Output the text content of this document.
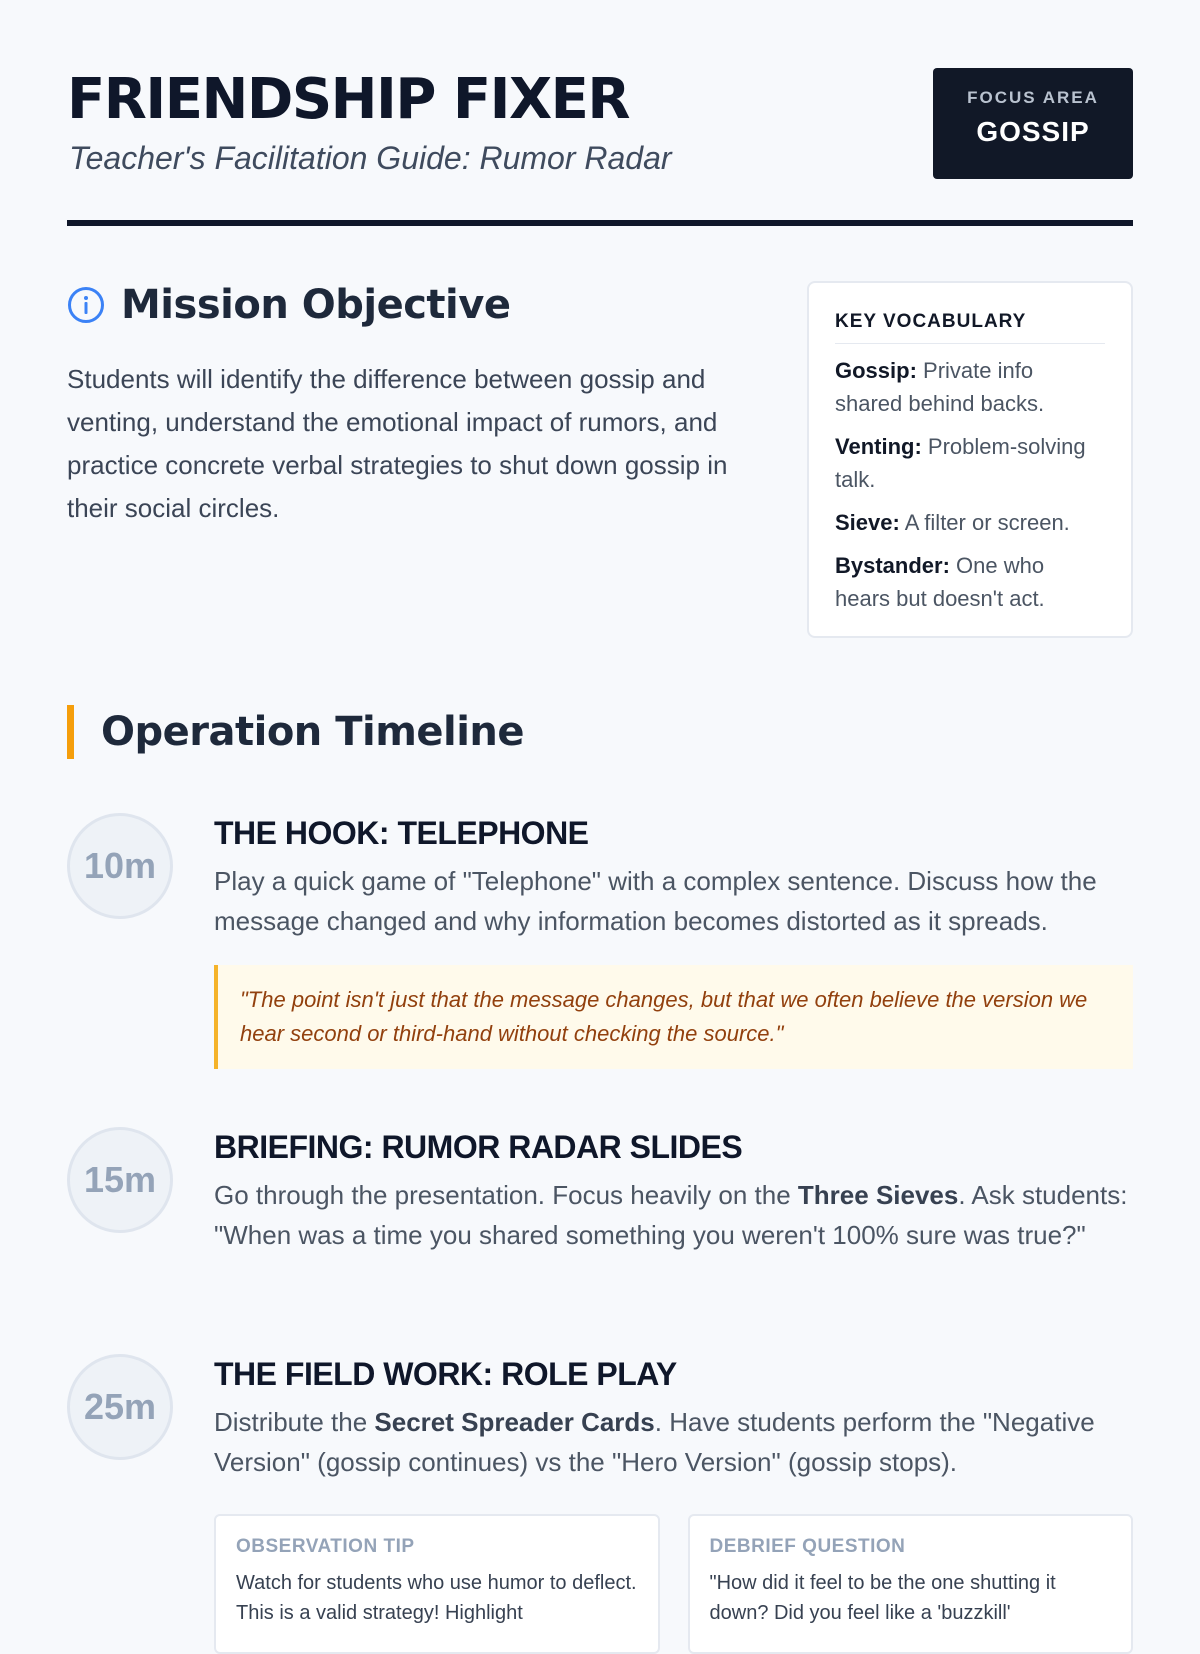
FRIENDSHIP FIXER
Teacher's Facilitation Guide: Rumor Radar
FOCUS AREA
GOSSIP
Mission Objective
Students will identify the difference between gossip and venting, understand the emotional impact of rumors, and practice concrete verbal strategies to shut down gossip in their social circles.
KEY VOCABULARY
Gossip: Private info shared behind backs.
Venting: Problem-solving talk.
Sieve: A filter or screen.
Bystander: One who hears but doesn't act.
Operation Timeline
10m
THE HOOK: TELEPHONE
Play a quick game of "Telephone" with a complex sentence. Discuss how the message changed and why information becomes distorted as it spreads.
"The point isn't just that the message changes, but that we often believe the version we hear second or third-hand without checking the source."
15m
BRIEFING: RUMOR RADAR SLIDES
Go through the presentation. Focus heavily on the Three Sieves. Ask students: "When was a time you shared something you weren't 100% sure was true?"
25m
THE FIELD WORK: ROLE PLAY
Distribute the Secret Spreader Cards. Have students perform the "Negative Version" (gossip continues) vs the "Hero Version" (gossip stops).
OBSERVATION TIP
Watch for students who use humor to deflect. This is a valid strategy! Highlight
DEBRIEF QUESTION
"How did it feel to be the one shutting it down? Did you feel like a 'buzzkill'
